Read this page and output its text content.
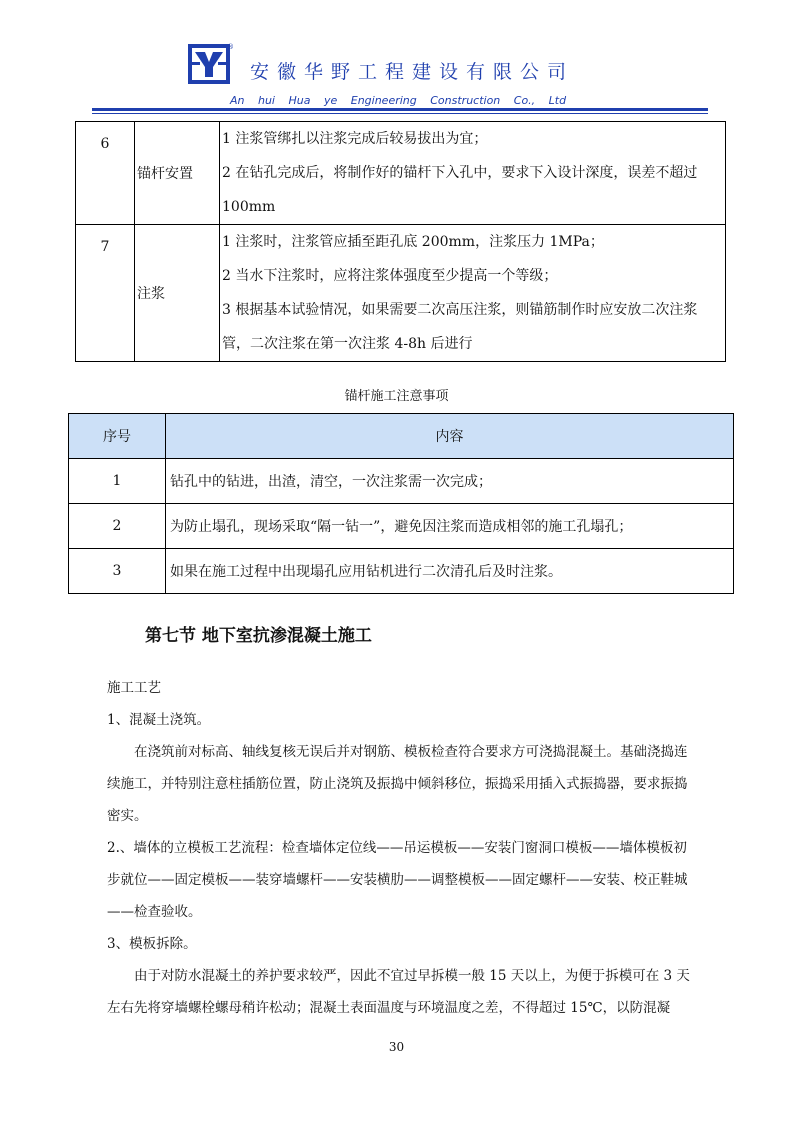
®
安徽华野工程建设有限公司
An hui Hua ye Engineering Construction Co., Ltd
6	锚杆安置	1 注浆管绑扎以注浆完成后较易拔出为宜；

2 在钻孔完成后，将制作好的锚杆下入孔中，要求下入设计深度，误差不超过 100mm

7	注浆	1 注浆时，注浆管应插至距孔底 200mm，注浆压力 1MPa；

2 当水下注浆时，应将注浆体强度至少提高一个等级；

3 根据基本试验情况，如果需要二次高压注浆，则锚筋制作时应安放二次注浆管，二次注浆在第一次注浆 4-8h 后进行

锚杆施工注意事项
序号	内容
1	钻孔中的钻进，出渣，清空，一次注浆需一次完成；
2	为防止塌孔，现场采取“隔一钻一”，避免因注浆而造成相邻的施工孔塌孔；
3	如果在施工过程中出现塌孔应用钻机进行二次清孔后及时注浆。
第七节 地下室抗渗混凝土施工

施工工艺

1、混凝土浇筑。

在浇筑前对标高、轴线复核无误后并对钢筋、模板检查符合要求方可浇捣混凝土。基础浇捣连续施工，并特别注意柱插筋位置，防止浇筑及振捣中倾斜移位，振捣采用插入式振捣器，要求振捣密实。

2.、墙体的立模板工艺流程：检查墙体定位线——吊运模板——安装门窗洞口模板——墙体模板初步就位——固定模板——装穿墙螺杆——安装横肋——调整模板——固定螺杆——安装、校正鞋城——检查验收。

3、模板拆除。

由于对防水混凝土的养护要求较严，因此不宜过早拆模一般 15 天以上，为便于拆模可在 3 天左右先将穿墙螺栓螺母稍许松动；混凝土表面温度与环境温度之差，不得超过 15℃，以防混凝

30
